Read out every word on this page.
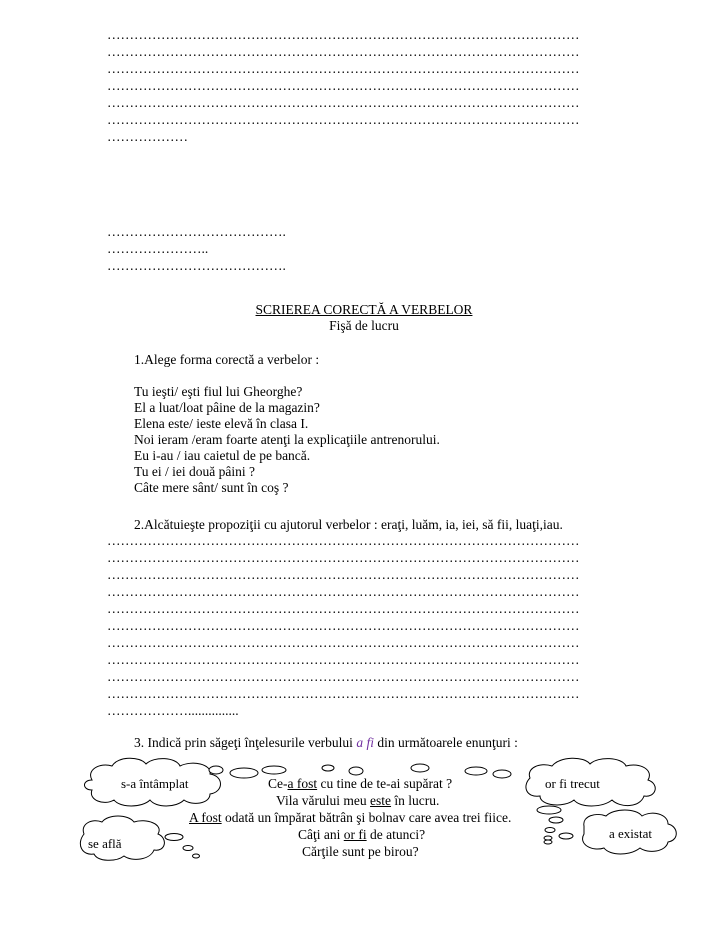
……………………………………………………………………………………………
……………………………………………………………………………………………
……………………………………………………………………………………………
……………………………………………………………………………………………
……………………………………………………………………………………………
……………………………………………………………………………………………
………………
………………………………….
…………………..
………………………………….
SCRIEREA CORECTĂ A VERBELOR
Fişă de lucru
1.Alege forma corectă a verbelor :
Tu ieşti/ eşti fiul lui Gheorghe?
El a luat/loat pâine de la magazin?
Elena este/ ieste elevă în clasa I.
Noi ieram /eram foarte atenţi la explicaţiile antrenorului.
Eu i-au / iau caietul de pe bancă.
Tu ei / iei două pâini ?
Câte mere sânt/ sunt în coş ?
2.Alcătuieşte propoziţii cu ajutorul verbelor : eraţi, luăm, ia, iei, să fii, luaţi,iau.
……………………………………………………………………………………………
……………………………………………………………………………………………
……………………………………………………………………………………………
……………………………………………………………………………………………
……………………………………………………………………………………………
……………………………………………………………………………………………
……………………………………………………………………………………………
……………………………………………………………………………………………
……………………………………………………………………………………………
……………………………………………………………………………………………
………………...............
3. Indică prin săgeţi înţelesurile verbului a fi din următoarele enunţuri :
s-a întâmplat	or fi trecut
se află
a existat
Ce-a fost cu tine de te-ai supărat ?
Vila vărului meu este în lucru.
A fost odată un împărat bătrân şi bolnav care avea trei fiice.
Câţi ani or fi de atunci?
Cărţile sunt pe birou?
